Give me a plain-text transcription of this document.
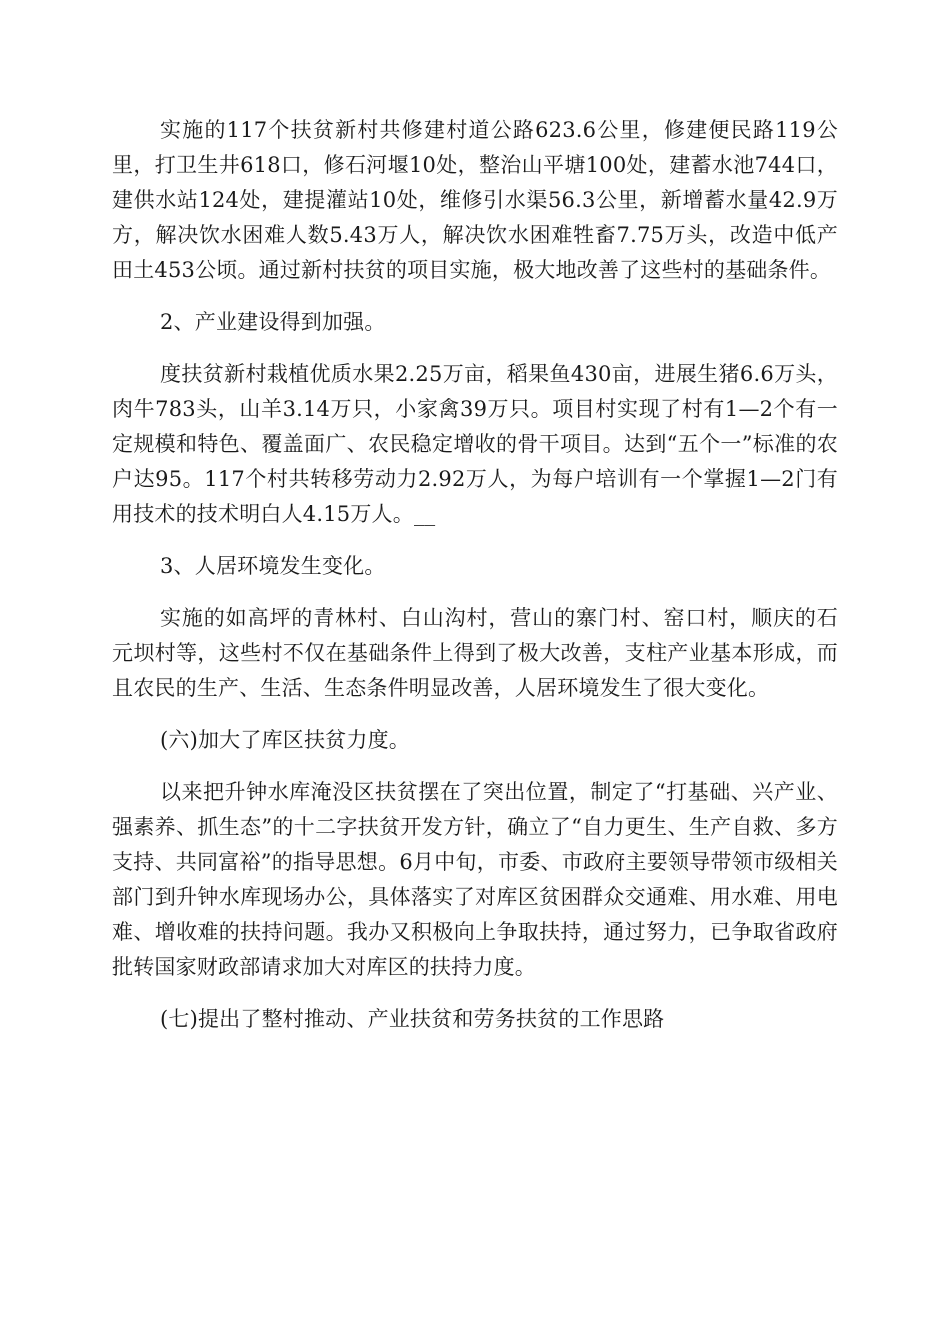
实施的117个扶贫新村共修建村道公路623.6公里，修建便民路119公里，打卫生井618口，修石河堰10处，整治山平塘100处，建蓄水池744口，建供水站124处，建提灌站10处，维修引水渠56.3公里，新增蓄水量42.9万方，解决饮水困难人数5.43万人，解决饮水困难牲畜7.75万头，改造中低产田土453公顷。通过新村扶贫的项目实施，极大地改善了这些村的基础条件。

2、产业建设得到加强。

度扶贫新村栽植优质水果2.25万亩，稻果鱼430亩，进展生猪6.6万头，肉牛783头，山羊3.14万只，小家禽39万只。项目村实现了村有1—2个有一定规模和特色、覆盖面广、农民稳定增收的骨干项目。达到“五个一”标准的农户达95。117个村共转移劳动力2.92万人，为每户培训有一个掌握1—2门有用技术的技术明白人4.15万人。__

3、人居环境发生变化。

实施的如高坪的青林村、白山沟村，营山的寨门村、窑口村，顺庆的石元坝村等，这些村不仅在基础条件上得到了极大改善，支柱产业基本形成，而且农民的生产、生活、生态条件明显改善，人居环境发生了很大变化。

(六)加大了库区扶贫力度。

以来把升钟水库淹没区扶贫摆在了突出位置，制定了“打基础、兴产业、强素养、抓生态”的十二字扶贫开发方针，确立了“自力更生、生产自救、多方支持、共同富裕”的指导思想。6月中旬，市委、市政府主要领导带领市级相关部门到升钟水库现场办公，具体落实了对库区贫困群众交通难、用水难、用电难、增收难的扶持问题。我办又积极向上争取扶持，通过努力，已争取省政府批转国家财政部请求加大对库区的扶持力度。

(七)提出了整村推动、产业扶贫和劳务扶贫的工作思路
